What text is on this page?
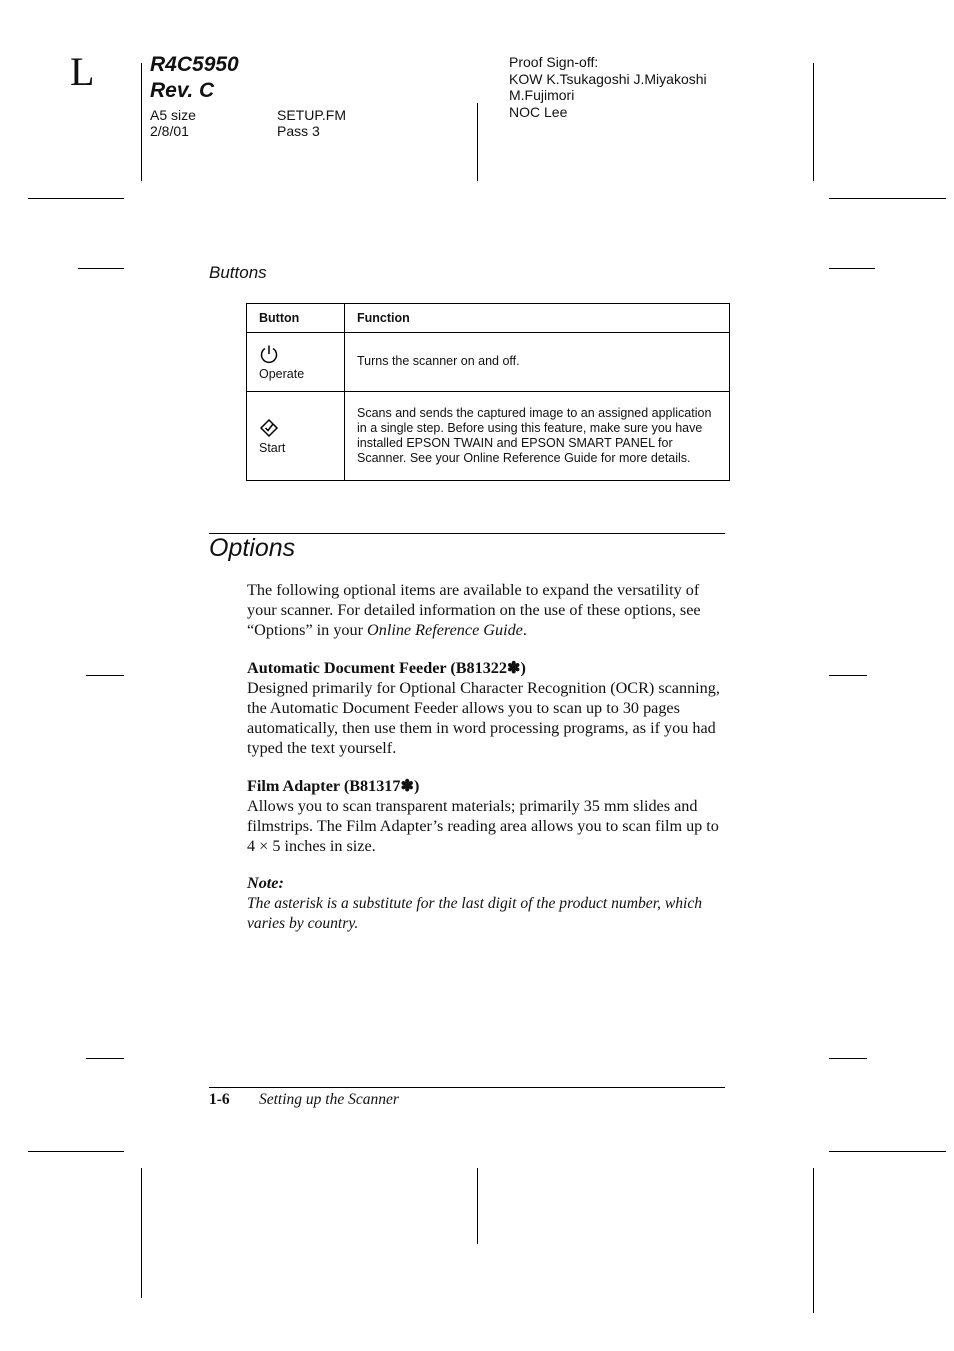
L	R4C5950
Rev. C
A5 size
2/8/01
SETUP.FM
Pass 3
Proof Sign-off:
KOW K.Tsukagoshi J.Miyakoshi
M.Fujimori
NOC Lee
Buttons
Button	Function

Operate	Turns the scanner on and off.

Start	Scans and sends the captured image to an assigned application in a single step. Before using this feature, make sure you have installed EPSON TWAIN and EPSON SMART PANEL for Scanner. See your Online Reference Guide for more details.
Options

The following optional items are available to expand the versatility of your scanner. For detailed information on the use of these options, see “Options” in your Online Reference Guide.

Automatic Document Feeder (B81322✽)

Designed primarily for Optional Character Recognition (OCR) scanning, the Automatic Document Feeder allows you to scan up to 30 pages automatically, then use them in word processing programs, as if you had typed the text yourself.

Film Adapter (B81317✽)

Allows you to scan transparent materials; primarily 35 mm slides and filmstrips. The Film Adapter’s reading area allows you to scan film up to 4 × 5 inches in size.

Note:
The asterisk is a substitute for the last digit of the product number, which varies by country.
1-6 Setting up the Scanner
